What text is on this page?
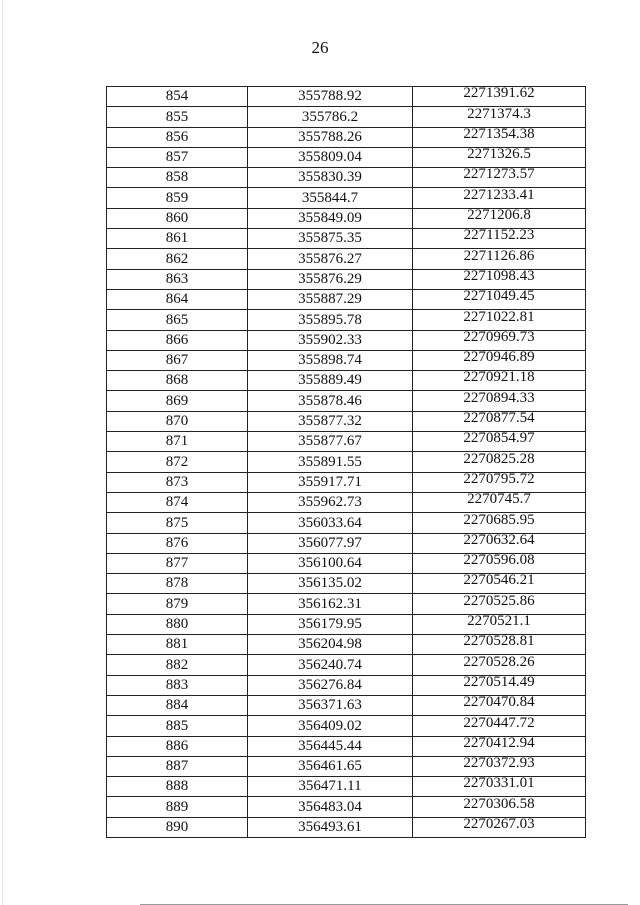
26
854	355788.92	2271391.62
855	355786.2	2271374.3
856	355788.26	2271354.38
857	355809.04	2271326.5
858	355830.39	2271273.57
859	355844.7	2271233.41
860	355849.09	2271206.8
861	355875.35	2271152.23
862	355876.27	2271126.86
863	355876.29	2271098.43
864	355887.29	2271049.45
865	355895.78	2271022.81
866	355902.33	2270969.73
867	355898.74	2270946.89
868	355889.49	2270921.18
869	355878.46	2270894.33
870	355877.32	2270877.54
871	355877.67	2270854.97
872	355891.55	2270825.28
873	355917.71	2270795.72
874	355962.73	2270745.7
875	356033.64	2270685.95
876	356077.97	2270632.64
877	356100.64	2270596.08
878	356135.02	2270546.21
879	356162.31	2270525.86
880	356179.95	2270521.1
881	356204.98	2270528.81
882	356240.74	2270528.26
883	356276.84	2270514.49
884	356371.63	2270470.84
885	356409.02	2270447.72
886	356445.44	2270412.94
887	356461.65	2270372.93
888	356471.11	2270331.01
889	356483.04	2270306.58
890	356493.61	2270267.03
